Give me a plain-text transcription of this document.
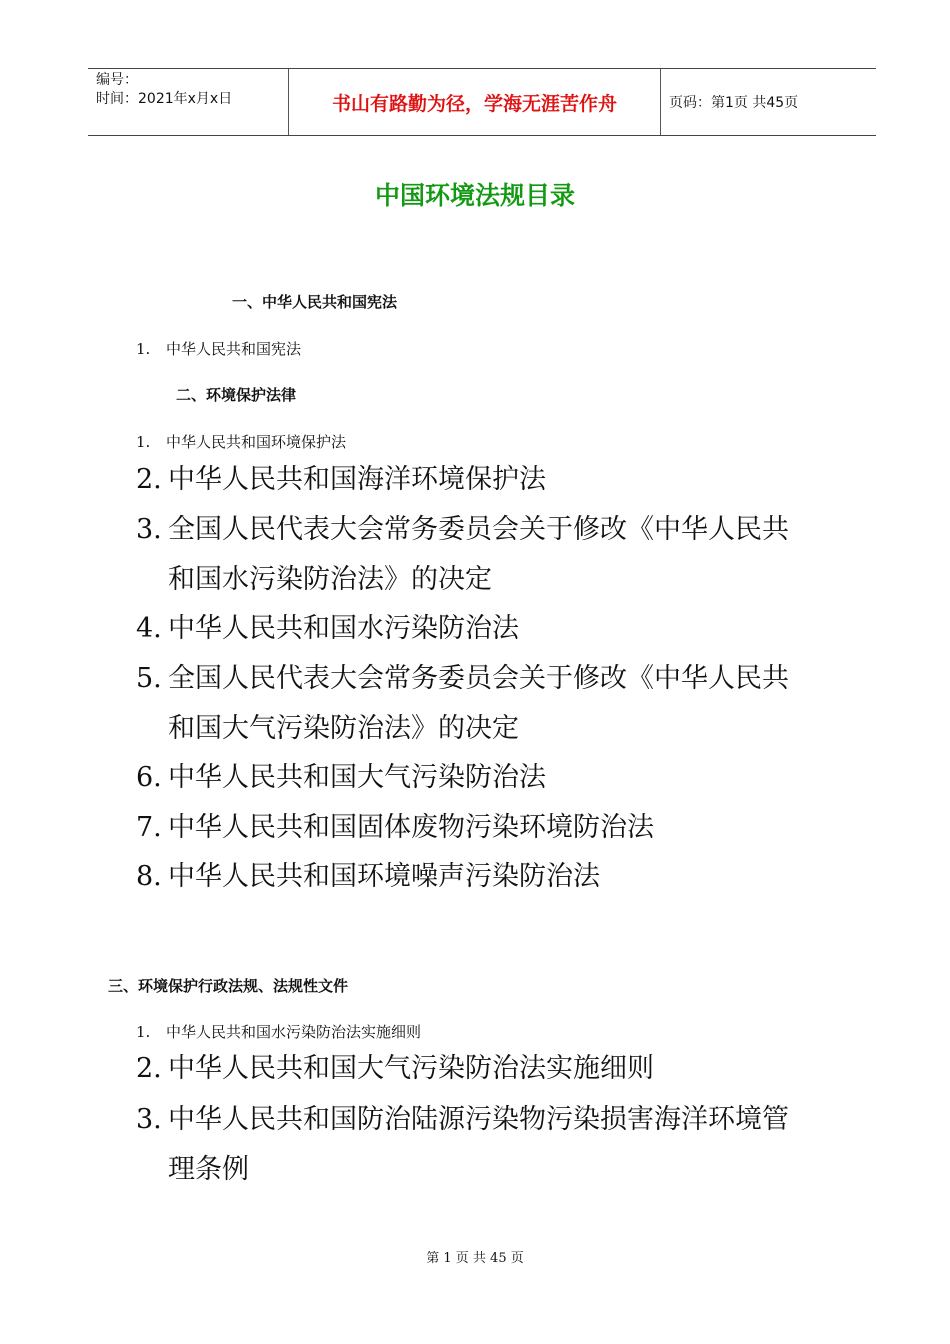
编号：
时间：2021年x月x日	书山有路勤为径，学海无涯苦作舟	页码：第1页 共45页
中国环境法规目录
一、中华人民共和国宪法
1. 中华人民共和国宪法
二、环境保护法律
1. 中华人民共和国环境保护法
2. 中华人民共和国海洋环境保护法
3. 全国人民代表大会常务委员会关于修改《中华人民共
和国水污染防治法》的决定
4. 中华人民共和国水污染防治法
5. 全国人民代表大会常务委员会关于修改《中华人民共
和国大气污染防治法》的决定
6. 中华人民共和国大气污染防治法
7. 中华人民共和国固体废物污染环境防治法
8. 中华人民共和国环境噪声污染防治法
三、环境保护行政法规、法规性文件
1. 中华人民共和国水污染防治法实施细则
2. 中华人民共和国大气污染防治法实施细则
3. 中华人民共和国防治陆源污染物污染损害海洋环境管
理条例
第 1 页 共 45 页
